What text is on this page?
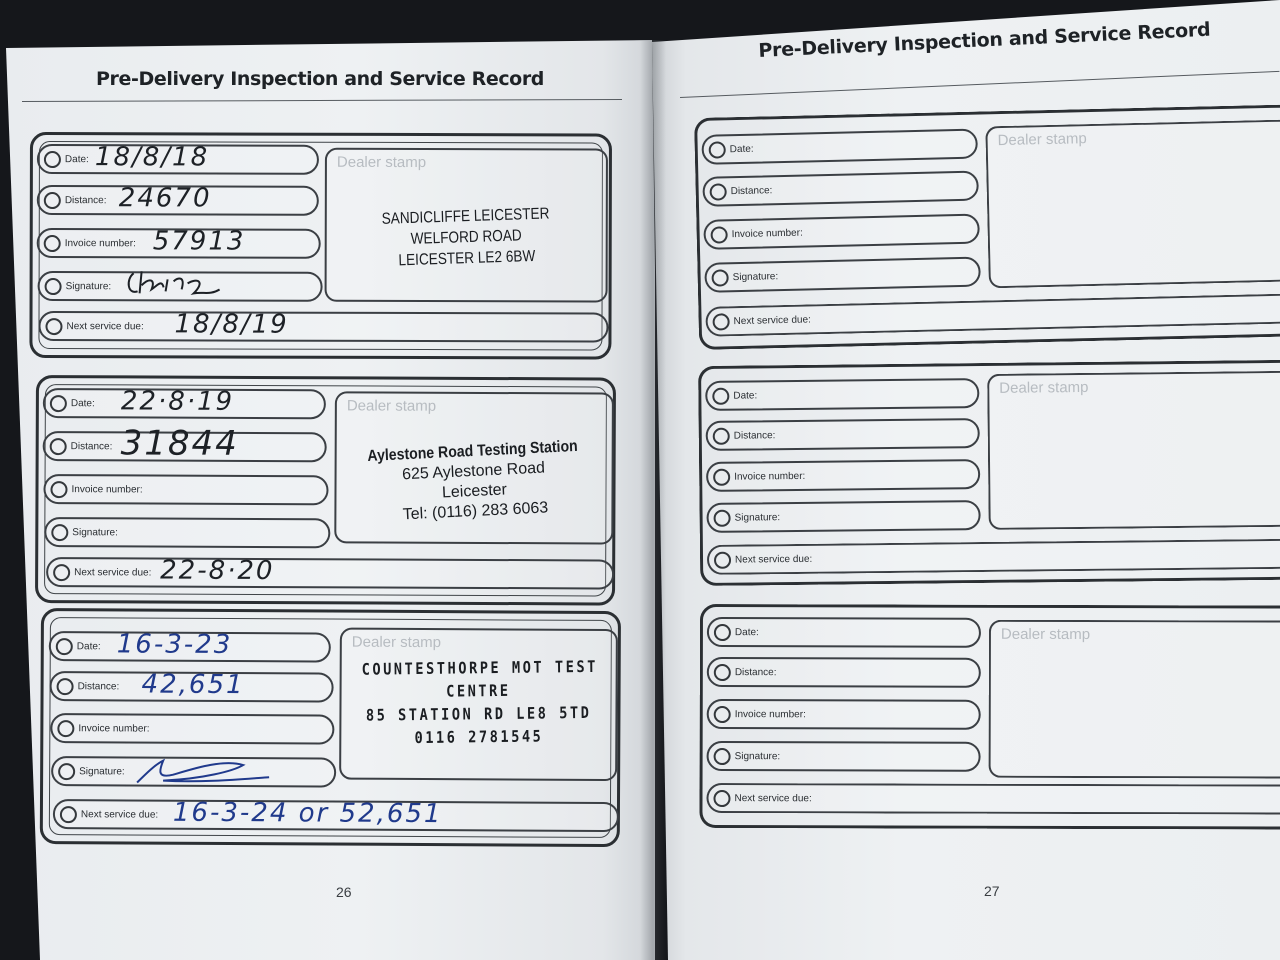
Pre-Delivery Inspection and Service Record
Pre-Delivery Inspection and Service Record
Date: 18/8/18
Distance: 24670
Invoice number: 57913
Signature:
Next service due: 18/8/19
Dealer stamp
SANDICLIFFE LEICESTER
WELFORD ROAD
LEICESTER LE2 6BW
Date: 22·8·19
Distance: 31844
Invoice number:
Signature:
Next service due: 22-8·20
Dealer stamp
Aylestone Road Testing Station
625 Aylestone Road
Leicester
Tel: (0116) 283 6063
Date: 16-3-23
Distance: 42,651
Invoice number:
Signature:
Next service due: 16-3-24 or 52,651
Dealer stamp
COUNTESTHORPE MOT TEST
CENTRE
85 STATION RD LE8 5TD
0116 2781545
Date:
Distance:
Invoice number:
Signature:
Next service due:
Dealer stamp
Date:
Distance:
Invoice number:
Signature:
Next service due:
Dealer stamp
Date:
Distance:
Invoice number:
Signature:
Next service due:
Dealer stamp
26	27
